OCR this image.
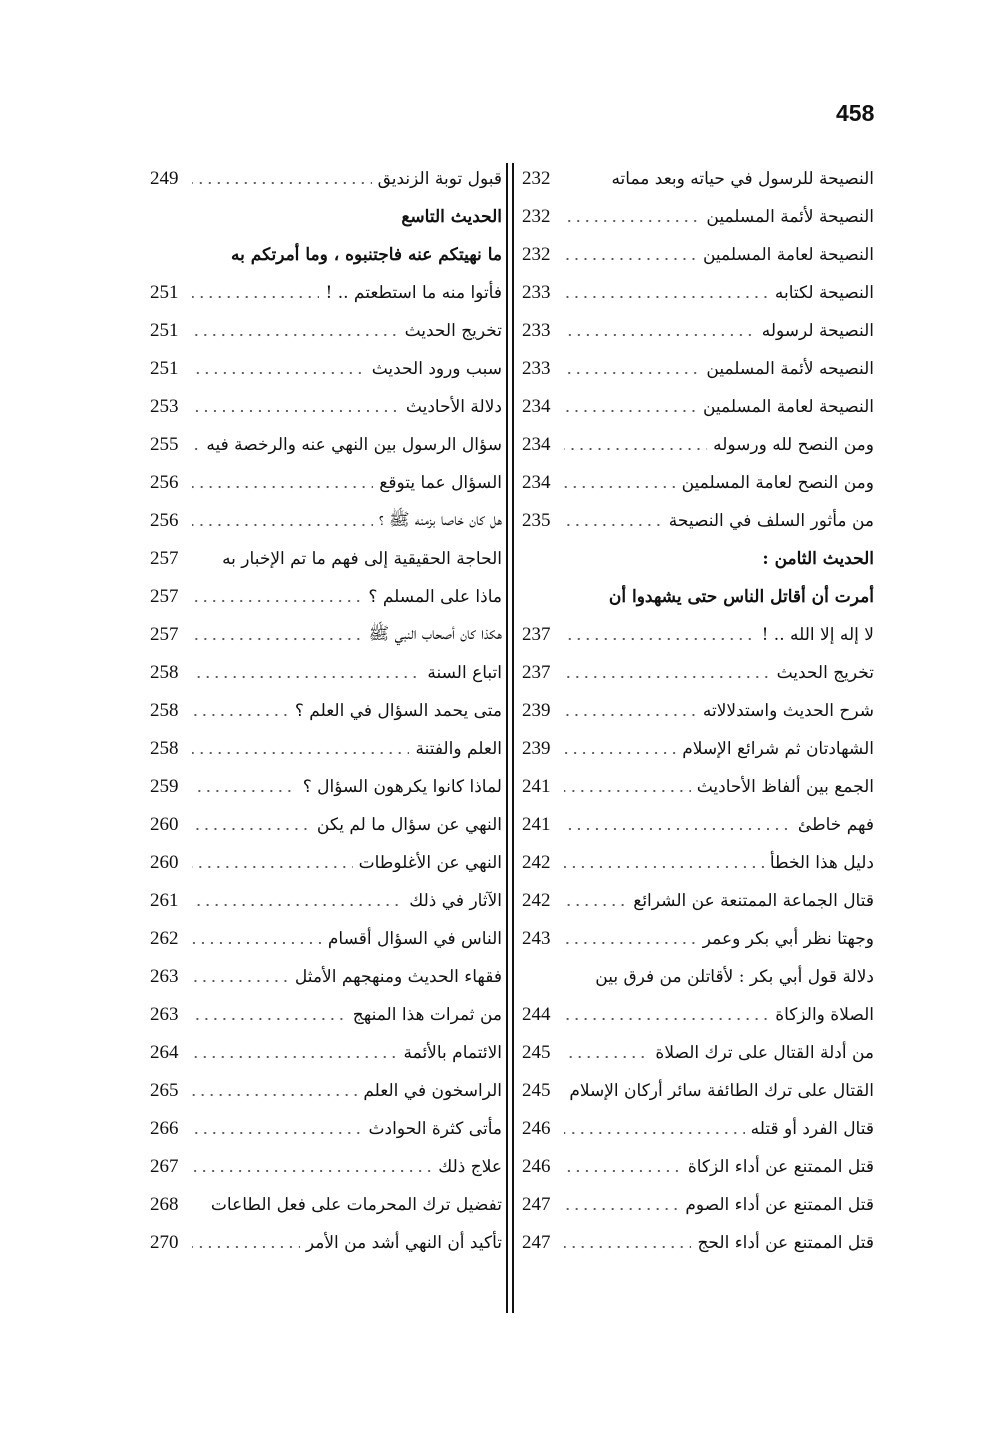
458
النصيحة للرسول في حياته وبعد مماته
232
النصيحة لأئمة المسلمين
232
النصيحة لعامة المسلمين
232
النصيحة لكتابه
233
النصيحة لرسوله
233
النصيحه لأئمة المسلمين
233
النصيحة لعامة المسلمين
234
ومن النصح لله ورسوله
234
ومن النصح لعامة المسلمين
234
من مأثور السلف في النصيحة
235
الحديث الثامن :
أمرت أن أقاتل الناس حتى يشهدوا أن
لا إله إلا الله .. !
237
تخريج الحديث
237
شرح الحديث واستدلالاته
239
الشهادتان ثم شرائع الإسلام
239
الجمع بين ألفاظ الأحاديث
241
فهم خاطئ
241
دليل هذا الخطأ
242
قتال الجماعة الممتنعة عن الشرائع
242
وجهتا نظر أبي بكر وعمر
243
دلالة قول أبي بكر : لأقاتلن من فرق بين
الصلاة والزكاة
244
من أدلة القتال على ترك الصلاة
245
القتال على ترك الطائفة سائر أركان الإسلام
245
قتال الفرد أو قتله
246
قتل الممتنع عن أداء الزكاة
246
قتل الممتنع عن أداء الصوم
247
قتل الممتنع عن أداء الحج
247
قبول توبة الزنديق
249
الحديث التاسع
ما نهيتكم عنه فاجتنبوه ، وما أمرتكم به
فأتوا منه ما استطعتم .. !
251
تخريج الحديث
251
سبب ورود الحديث
251
دلالة الأحاديث
253
سؤال الرسول بين النهي عنه والرخصة فيه
255
السؤال عما يتوقع
256
هل كان خاصا بزمنه ﷺ ؟
256
الحاجة الحقيقية إلى فهم ما تم الإخبار به
257
ماذا على المسلم ؟
257
هكذا كان أصحاب النبي ﷺ
257
اتباع السنة
258
متى يحمد السؤال في العلم ؟
258
العلم والفتنة
258
لماذا كانوا يكرهون السؤال ؟
259
النهي عن سؤال ما لم يكن
260
النهي عن الأغلوطات
260
الآثار في ذلك
261
الناس في السؤال أقسام
262
فقهاء الحديث ومنهجهم الأمثل
263
من ثمرات هذا المنهج
263
الائتمام بالأئمة
264
الراسخون في العلم
265
مأتى كثرة الحوادث
266
علاج ذلك
267
تفضيل ترك المحرمات على فعل الطاعات
268
تأكيد أن النهي أشد من الأمر
270
